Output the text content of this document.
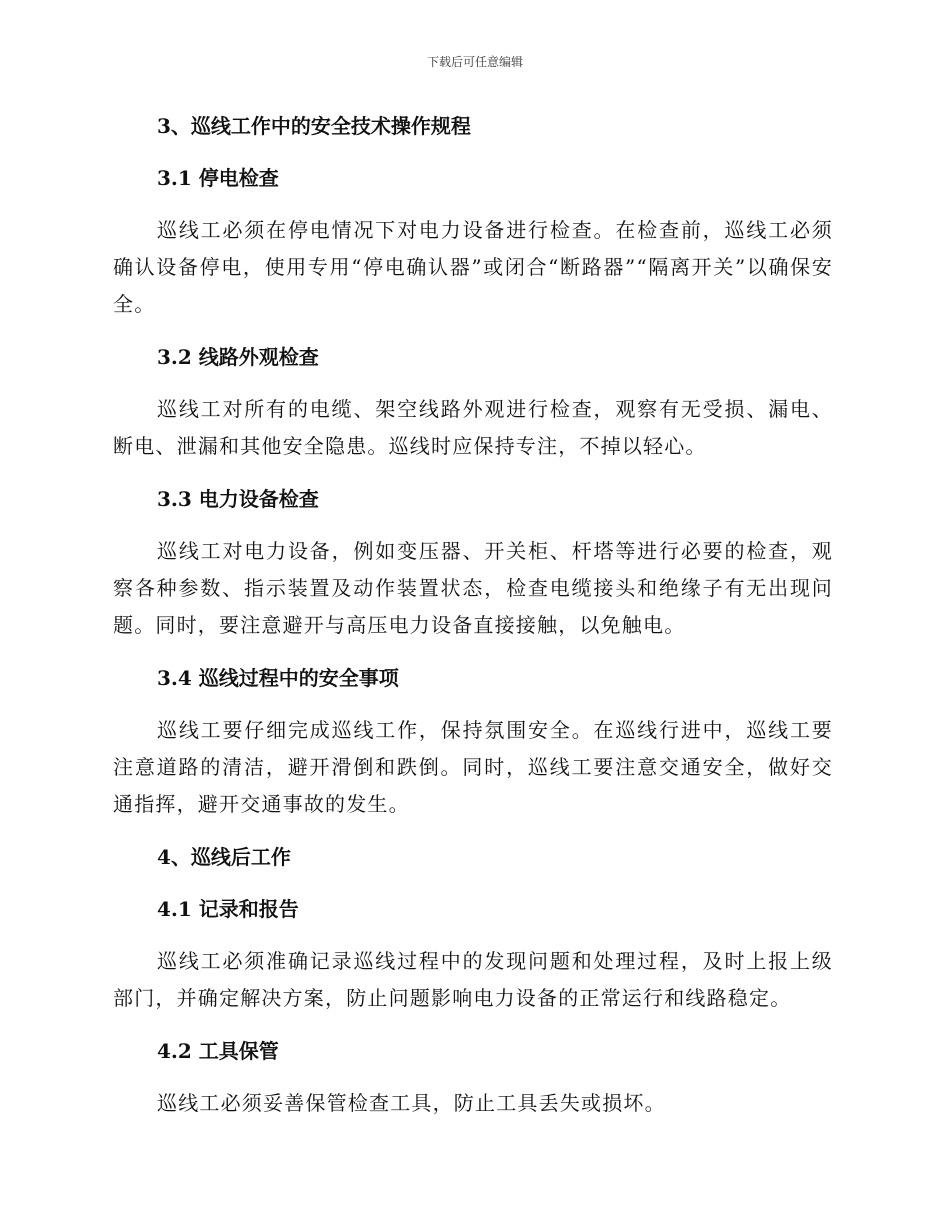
下载后可任意编辑
3、巡线工作中的安全技术操作规程
3.1 停电检查
巡线工必须在停电情况下对电力设备进行检查。在检查前，巡线工必须确认设备停电，使用专用“停电确认器”或闭合“断路器”“隔离开关”以确保安全。
3.2 线路外观检查
巡线工对所有的电缆、架空线路外观进行检查，观察有无受损、漏电、断电、泄漏和其他安全隐患。巡线时应保持专注，不掉以轻心。
3.3 电力设备检查
巡线工对电力设备，例如变压器、开关柜、杆塔等进行必要的检查，观察各种参数、指示装置及动作装置状态，检查电缆接头和绝缘子有无出现问题。同时，要注意避开与高压电力设备直接接触，以免触电。
3.4 巡线过程中的安全事项
巡线工要仔细完成巡线工作，保持氛围安全。在巡线行进中，巡线工要注意道路的清洁，避开滑倒和跌倒。同时，巡线工要注意交通安全，做好交通指挥，避开交通事故的发生。
4、巡线后工作
4.1 记录和报告
巡线工必须准确记录巡线过程中的发现问题和处理过程，及时上报上级部门，并确定解决方案，防止问题影响电力设备的正常运行和线路稳定。
4.2 工具保管
巡线工必须妥善保管检查工具，防止工具丢失或损坏。
